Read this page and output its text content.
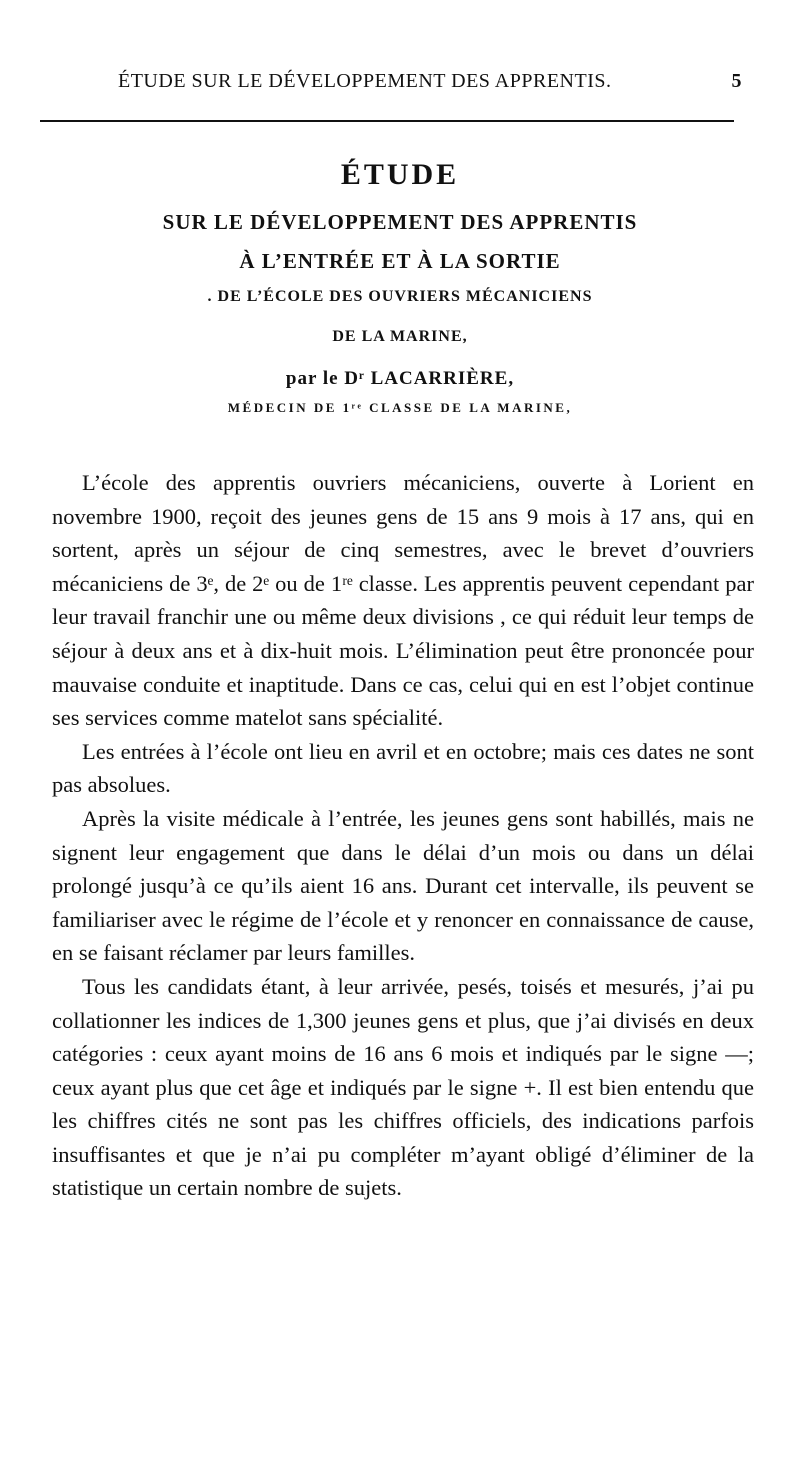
ÉTUDE SUR LE DÉVELOPPEMENT DES APPRENTIS.	5
ÉTUDE
SUR LE DÉVELOPPEMENT DES APPRENTIS
À L’ENTRÉE ET À LA SORTIE
. DE L’ÉCOLE DES OUVRIERS MÉCANICIENS
DE LA MARINE,
par le Dʳ LACARRIÈRE,
MÉDECIN DE 1ʳᵉ CLASSE DE LA MARINE,

L’école des apprentis ouvriers mécaniciens, ouverte à Lorient en novembre 1900, reçoit des jeunes gens de 15 ans 9 mois à 17 ans, qui en sortent, après un séjour de cinq semestres, avec le brevet d’ouvriers mécaniciens de 3ᵉ, de 2ᵉ ou de 1ʳᵉ classe. Les apprentis peuvent cependant par leur travail franchir une ou même deux divisions , ce qui réduit leur temps de séjour à deux ans et à dix-huit mois. L’élimination peut être prononcée pour mauvaise conduite et inaptitude. Dans ce cas, celui qui en est l’objet continue ses services comme matelot sans spécialité.

Les entrées à l’école ont lieu en avril et en octobre; mais ces dates ne sont pas absolues.

Après la visite médicale à l’entrée, les jeunes gens sont habillés, mais ne signent leur engagement que dans le délai d’un mois ou dans un délai prolongé jusqu’à ce qu’ils aient 16 ans. Durant cet intervalle, ils peuvent se familiariser avec le régime de l’école et y renoncer en connaissance de cause, en se faisant réclamer par leurs familles.

Tous les candidats étant, à leur arrivée, pesés, toisés et mesurés, j’ai pu collationner les indices de 1,300 jeunes gens et plus, que j’ai divisés en deux catégories : ceux ayant moins de 16 ans 6 mois et indiqués par le signe —; ceux ayant plus que cet âge et indiqués par le signe +. Il est bien entendu que les chiffres cités ne sont pas les chiffres officiels, des indications parfois insuffisantes et que je n’ai pu compléter m’ayant obligé d’éliminer de la statistique un certain nombre de sujets.
